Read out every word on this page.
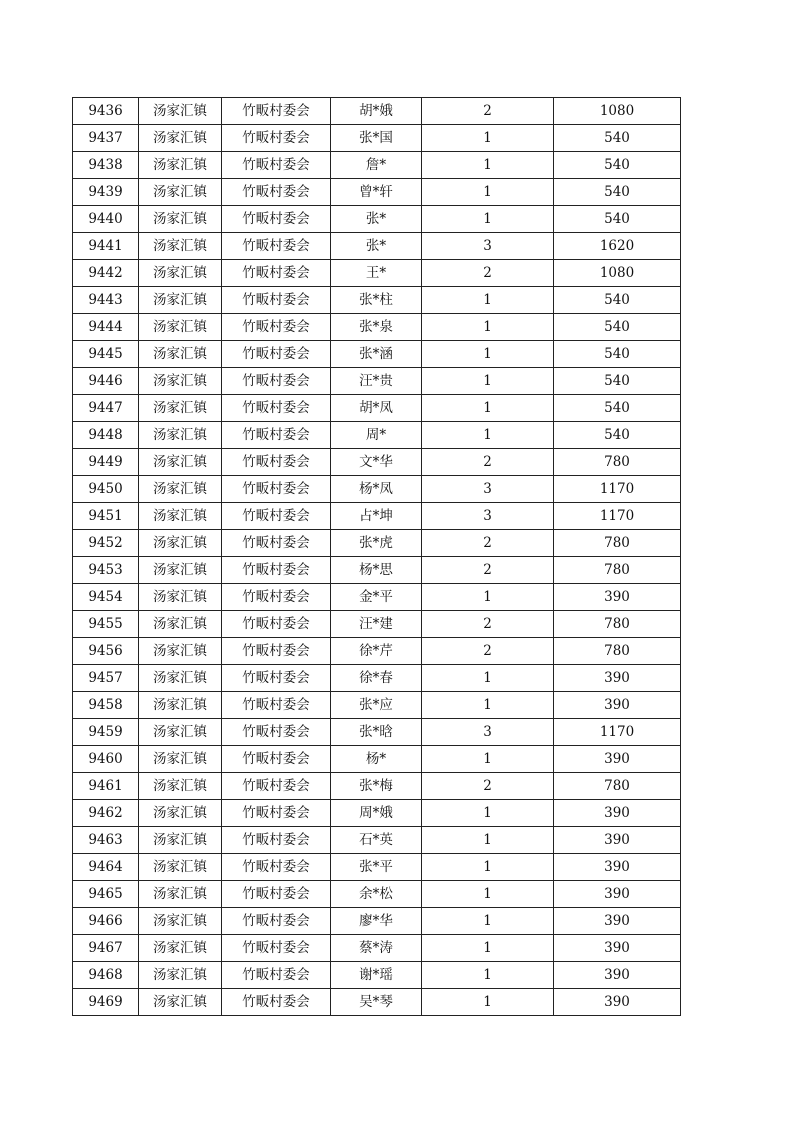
9436	汤家汇镇	竹畈村委会	胡*娥	2	1080
9437	汤家汇镇	竹畈村委会	张*国	1	540
9438	汤家汇镇	竹畈村委会	詹*	1	540
9439	汤家汇镇	竹畈村委会	曾*轩	1	540
9440	汤家汇镇	竹畈村委会	张*	1	540
9441	汤家汇镇	竹畈村委会	张*	3	1620
9442	汤家汇镇	竹畈村委会	王*	2	1080
9443	汤家汇镇	竹畈村委会	张*柱	1	540
9444	汤家汇镇	竹畈村委会	张*泉	1	540
9445	汤家汇镇	竹畈村委会	张*涵	1	540
9446	汤家汇镇	竹畈村委会	汪*贵	1	540
9447	汤家汇镇	竹畈村委会	胡*凤	1	540
9448	汤家汇镇	竹畈村委会	周*	1	540
9449	汤家汇镇	竹畈村委会	文*华	2	780
9450	汤家汇镇	竹畈村委会	杨*凤	3	1170
9451	汤家汇镇	竹畈村委会	占*坤	3	1170
9452	汤家汇镇	竹畈村委会	张*虎	2	780
9453	汤家汇镇	竹畈村委会	杨*思	2	780
9454	汤家汇镇	竹畈村委会	金*平	1	390
9455	汤家汇镇	竹畈村委会	汪*建	2	780
9456	汤家汇镇	竹畈村委会	徐*芹	2	780
9457	汤家汇镇	竹畈村委会	徐*春	1	390
9458	汤家汇镇	竹畈村委会	张*应	1	390
9459	汤家汇镇	竹畈村委会	张*晗	3	1170
9460	汤家汇镇	竹畈村委会	杨*	1	390
9461	汤家汇镇	竹畈村委会	张*梅	2	780
9462	汤家汇镇	竹畈村委会	周*娥	1	390
9463	汤家汇镇	竹畈村委会	石*英	1	390
9464	汤家汇镇	竹畈村委会	张*平	1	390
9465	汤家汇镇	竹畈村委会	余*松	1	390
9466	汤家汇镇	竹畈村委会	廖*华	1	390
9467	汤家汇镇	竹畈村委会	蔡*涛	1	390
9468	汤家汇镇	竹畈村委会	谢*瑶	1	390
9469	汤家汇镇	竹畈村委会	吴*琴	1	390
